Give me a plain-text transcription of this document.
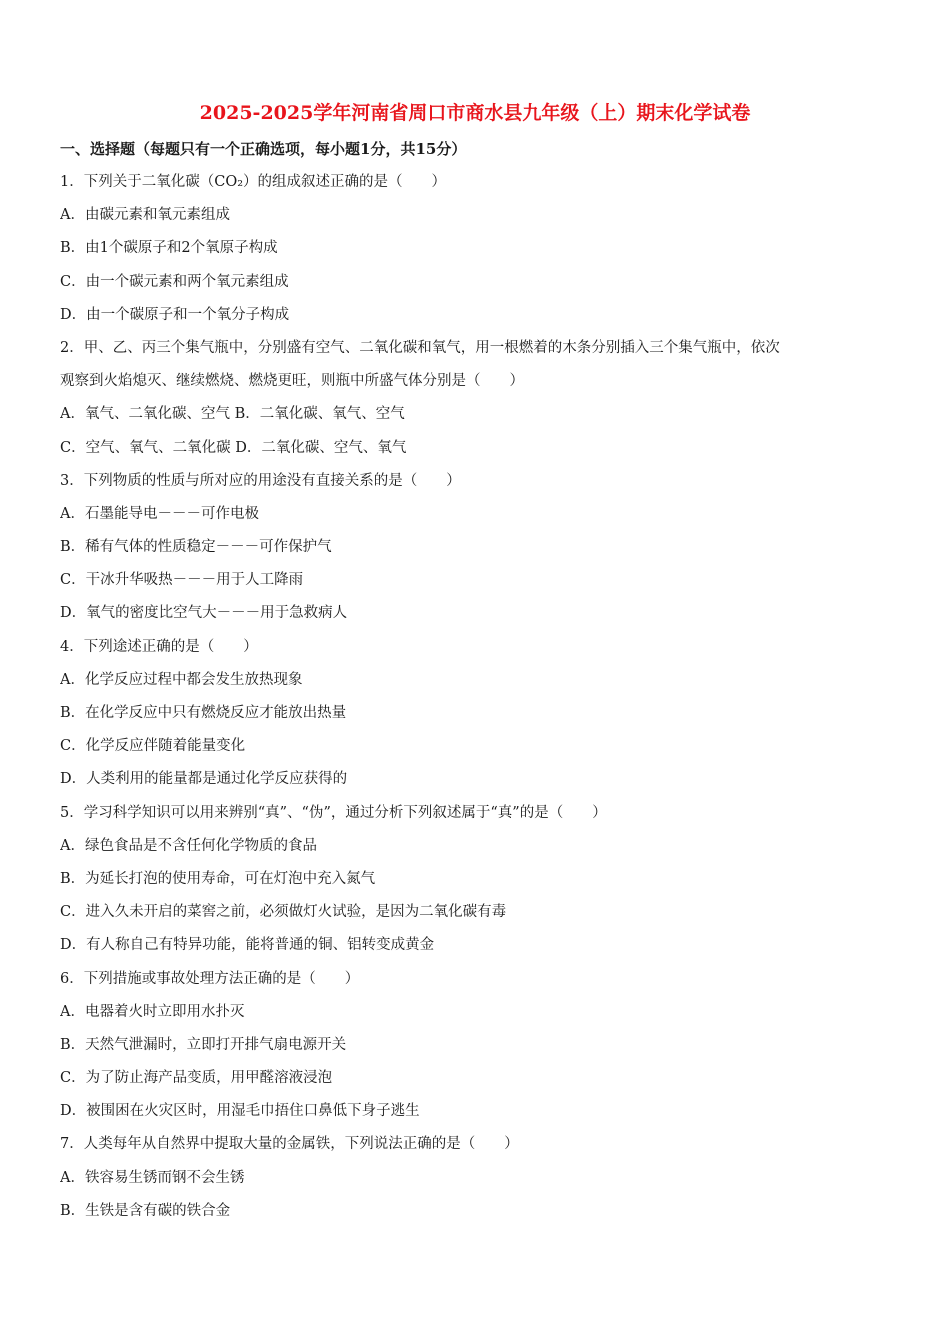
2025-2025学年河南省周口市商水县九年级（上）期末化学试卷
一、选择题（每题只有一个正确选项，每小题1分，共15分）
1．下列关于二氧化碳（CO₂）的组成叙述正确的是（　　）
A．由碳元素和氧元素组成
B．由1个碳原子和2个氧原子构成
C．由一个碳元素和两个氧元素组成
D．由一个碳原子和一个氧分子构成
2．甲、乙、丙三个集气瓶中，分别盛有空气、二氧化碳和氧气，用一根燃着的木条分别插入三个集气瓶中，依次
观察到火焰熄灭、继续燃烧、燃烧更旺，则瓶中所盛气体分别是（　　）
A．氧气、二氧化碳、空气 B．二氧化碳、氧气、空气
C．空气、氧气、二氧化碳 D．二氧化碳、空气、氧气
3．下列物质的性质与所对应的用途没有直接关系的是（　　）
A．石墨能导电－－－可作电极
B．稀有气体的性质稳定－－－可作保护气
C．干冰升华吸热－－－用于人工降雨
D．氧气的密度比空气大－－－用于急救病人
4．下列途述正确的是（　　）
A．化学反应过程中都会发生放热现象
B．在化学反应中只有燃烧反应才能放出热量
C．化学反应伴随着能量变化
D．人类利用的能量都是通过化学反应获得的
5．学习科学知识可以用来辨别“真”、“伪”，通过分析下列叙述属于“真”的是（　　）
A．绿色食品是不含任何化学物质的食品
B．为延长打泡的使用寿命，可在灯泡中充入氮气
C．进入久未开启的菜窖之前，必须做灯火试验，是因为二氧化碳有毒
D．有人称自己有特异功能，能将普通的铜、铝转变成黄金
6．下列措施或事故处理方法正确的是（　　）
A．电器着火时立即用水扑灭
B．天然气泄漏时，立即打开排气扇电源开关
C．为了防止海产品变质，用甲醛溶液浸泡
D．被围困在火灾区时，用湿毛巾捂住口鼻低下身子逃生
7．人类每年从自然界中提取大量的金属铁，下列说法正确的是（　　）
A．铁容易生锈而钢不会生锈
B．生铁是含有碳的铁合金
